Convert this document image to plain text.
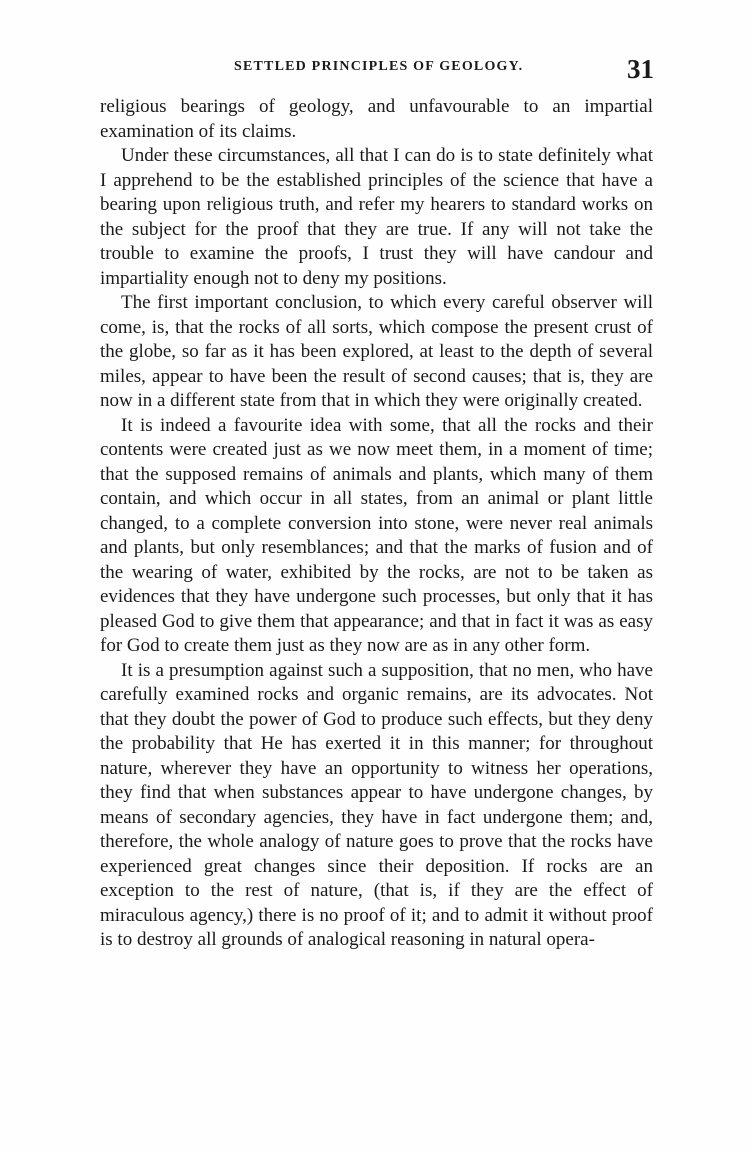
SETTLED PRINCIPLES OF GEOLOGY.	31

religious bearings of geology, and unfavourable to an impartial examination of its claims.

Under these circumstances, all that I can do is to state definitely what I apprehend to be the established principles of the science that have a bearing upon religious truth, and refer my hearers to standard works on the subject for the proof that they are true. If any will not take the trouble to examine the proofs, I trust they will have candour and impartiality enough not to deny my positions.

The first important conclusion, to which every careful observer will come, is, that the rocks of all sorts, which compose the present crust of the globe, so far as it has been explored, at least to the depth of several miles, appear to have been the result of second causes; that is, they are now in a different state from that in which they were originally created.

It is indeed a favourite idea with some, that all the rocks and their contents were created just as we now meet them, in a moment of time; that the supposed remains of animals and plants, which many of them contain, and which occur in all states, from an animal or plant little changed, to a complete conversion into stone, were never real animals and plants, but only resemblances; and that the marks of fusion and of the wearing of water, exhibited by the rocks, are not to be taken as evidences that they have undergone such processes, but only that it has pleased God to give them that appearance; and that in fact it was as easy for God to create them just as they now are as in any other form.

It is a presumption against such a supposition, that no men, who have carefully examined rocks and organic remains, are its advocates. Not that they doubt the power of God to produce such effects, but they deny the probability that He has exerted it in this manner; for throughout nature, wherever they have an opportunity to witness her operations, they find that when substances appear to have undergone changes, by means of secondary agencies, they have in fact undergone them; and, therefore, the whole analogy of nature goes to prove that the rocks have experienced great changes since their deposition. If rocks are an exception to the rest of nature, (that is, if they are the effect of miraculous agency,) there is no proof of it; and to admit it without proof is to destroy all grounds of analogical reasoning in natural opera-
